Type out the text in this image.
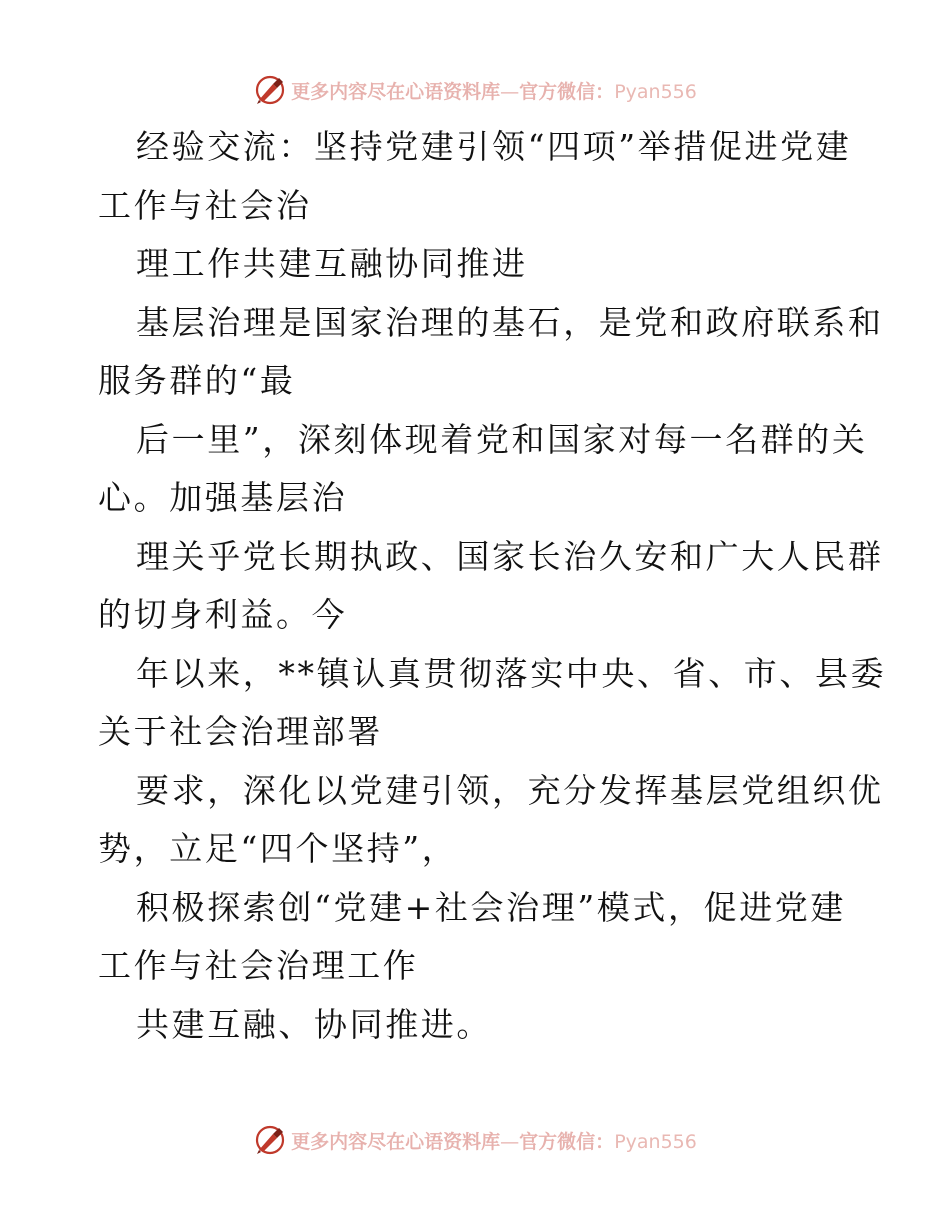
更多内容尽在心语资料库—官方微信：Pyan556
经验交流：坚持党建引领“四项”举措促进党建
工作与社会治
理工作共建互融协同推进
基层治理是国家治理的基石，是党和政府联系和
服务群的“最
后一里”，深刻体现着党和国家对每一名群的关
心。加强基层治
理关乎党长期执政、国家长治久安和广大人民群
的切身利益。今
年以来，**镇认真贯彻落实中央、省、市、县委
关于社会治理部署
要求，深化以党建引领，充分发挥基层党组织优
势，立足“四个坚持”，
积极探索创“党建+社会治理”模式，促进党建
工作与社会治理工作
共建互融、协同推进。
更多内容尽在心语资料库—官方微信：Pyan556
